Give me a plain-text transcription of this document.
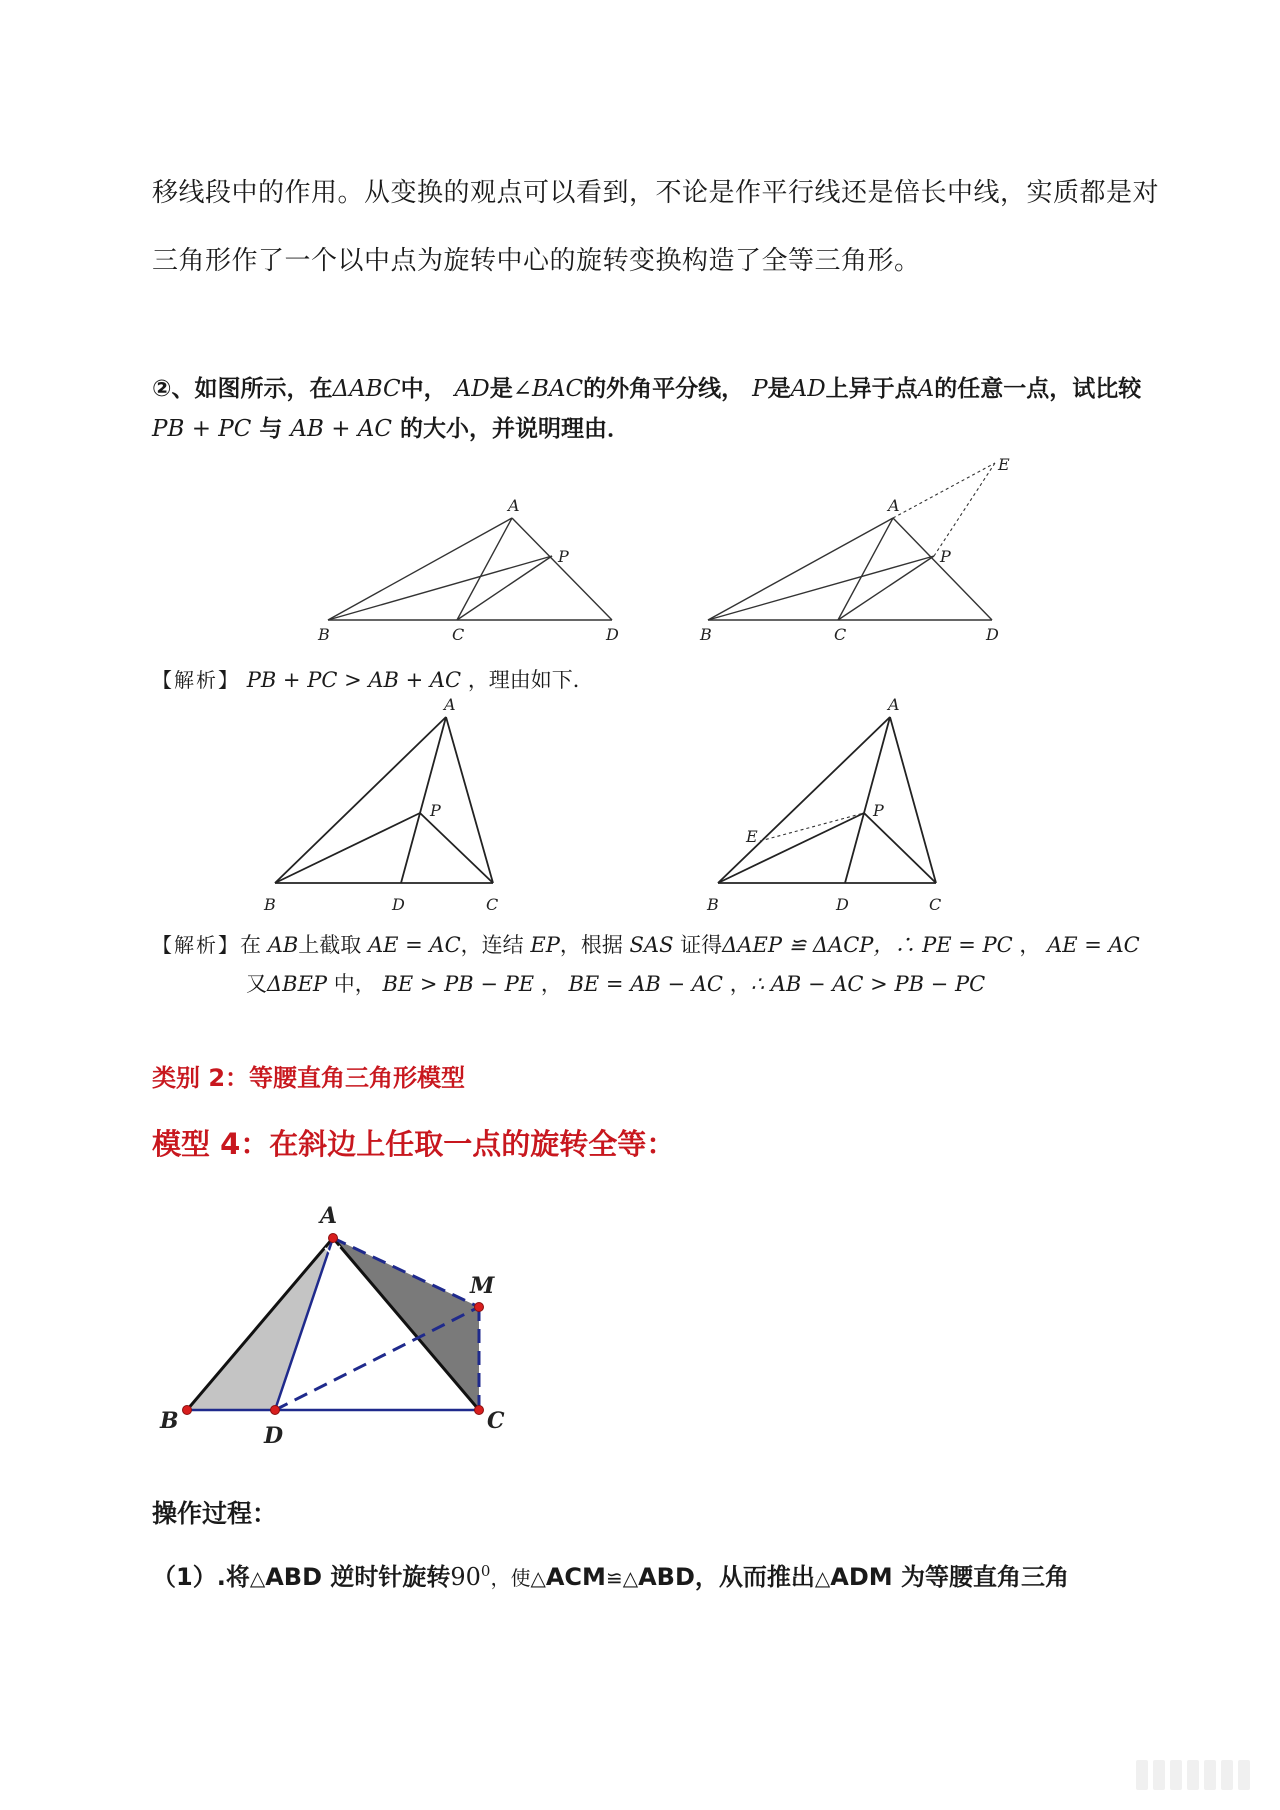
移线段中的作用。从变换的观点可以看到，不论是作平行线还是倍长中线，实质都是对
三角形作了一个以中点为旋转中心的旋转变换构造了全等三角形。
②、如图所示，在ΔABC中， AD是∠BAC的外角平分线， P是AD上异于点A的任意一点，试比较
PB + PC 与 AB + AC 的大小，并说明理由．
A
B	C	D
P
A
B	C	D
P
E
【解析】 PB + PC > AB + AC ，理由如下．
A
B	D	C
P
A
B	D	C
P
E
【解析】在 AB上截取 AE = AC，连结 EP，根据 SAS 证得ΔAEP ≌ ΔACP，∴ PE = PC ， AE = AC
又ΔBEP 中， BE > PB − PE ， BE = AB − AC ，∴ AB − AC > PB − PC
类别 2：等腰直角三角形模型
模型 4：在斜边上任取一点的旋转全等：
A
B
D
C
M
操作过程：
（1）.将△ABD 逆时针旋转$90^0$，使△ACM≌△ABD，从而推出△ADM 为等腰直角三角
